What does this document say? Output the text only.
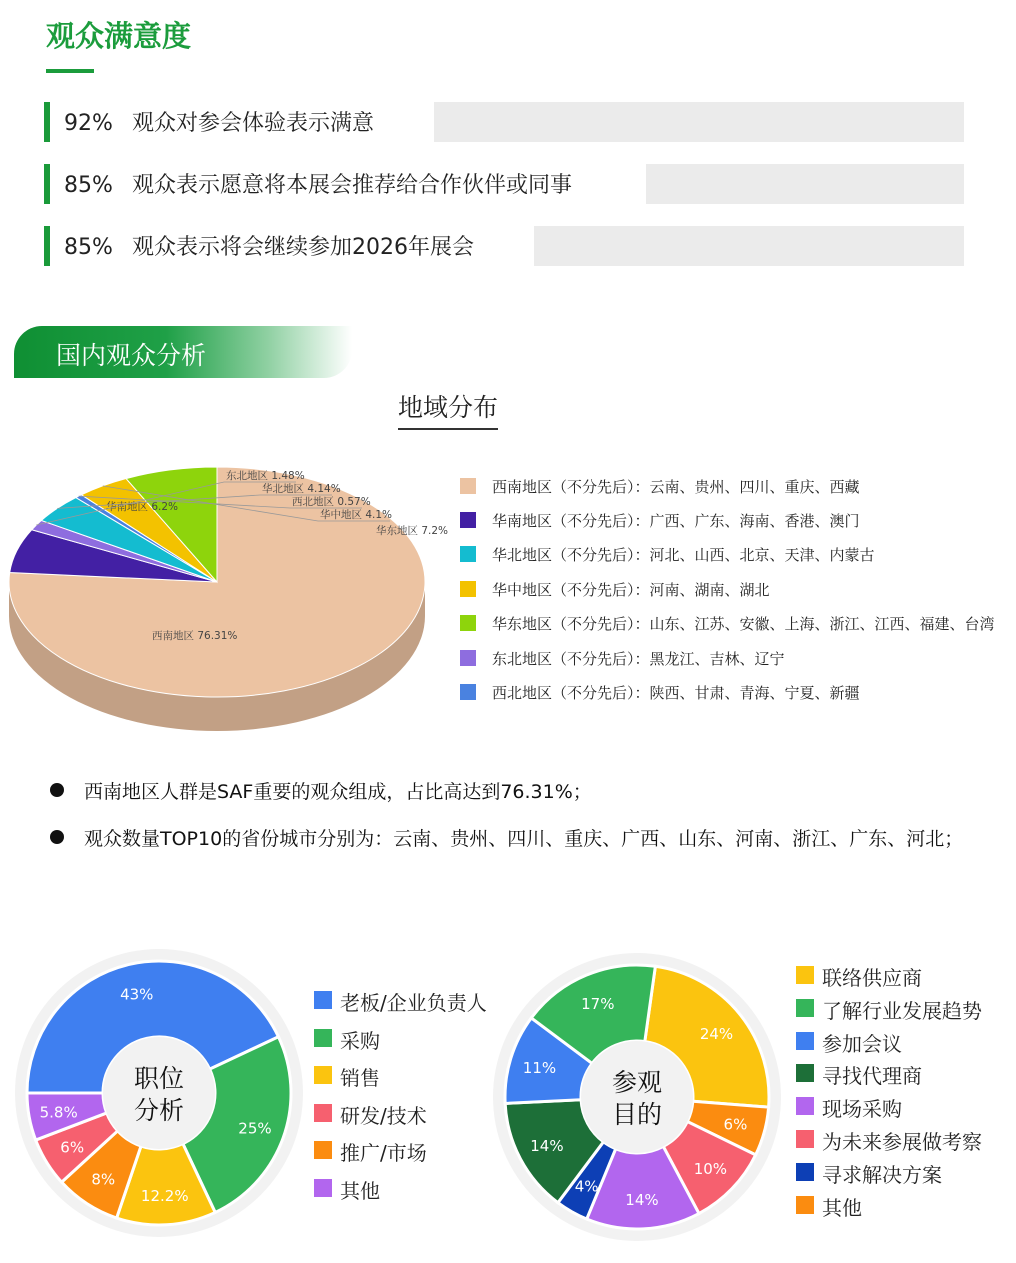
观众满意度
92% 观众对参会体验表示满意
85% 观众表示愿意将本展会推荐给合作伙伴或同事
85% 观众表示将会继续参加2026年展会
国内观众分析
地域分布
西南地区 76.31%
华南地区 6.2%
东北地区 1.48%
华北地区 4.14%
西北地区 0.57%
华中地区 4.1%
华东地区 7.2%
西南地区（不分先后）：云南、贵州、四川、重庆、西藏
华南地区（不分先后）：广西、广东、海南、香港、澳门
华北地区（不分先后）：河北、山西、北京、天津、内蒙古
华中地区（不分先后）：河南、湖南、湖北
华东地区（不分先后）：山东、江苏、安徽、上海、浙江、江西、福建、台湾
东北地区（不分先后）：黑龙江、吉林、辽宁
西北地区（不分先后）：陕西、甘肃、青海、宁夏、新疆
西南地区人群是SAF重要的观众组成，占比高达到76.31%；
观众数量TOP10的省份城市分别为：云南、贵州、四川、重庆、广西、山东、河南、浙江、广东、河北；
43%
25%
12.2%
8%
6%
5.8%
职位
分析
老板/企业负责人
采购
销售
研发/技术
推广/市场
其他
24%
6%
10%
14%
4%
14%
11%
17%
参观
目的
联络供应商
了解行业发展趋势
参加会议
寻找代理商
现场采购
为未来参展做考察
寻求解决方案
其他
